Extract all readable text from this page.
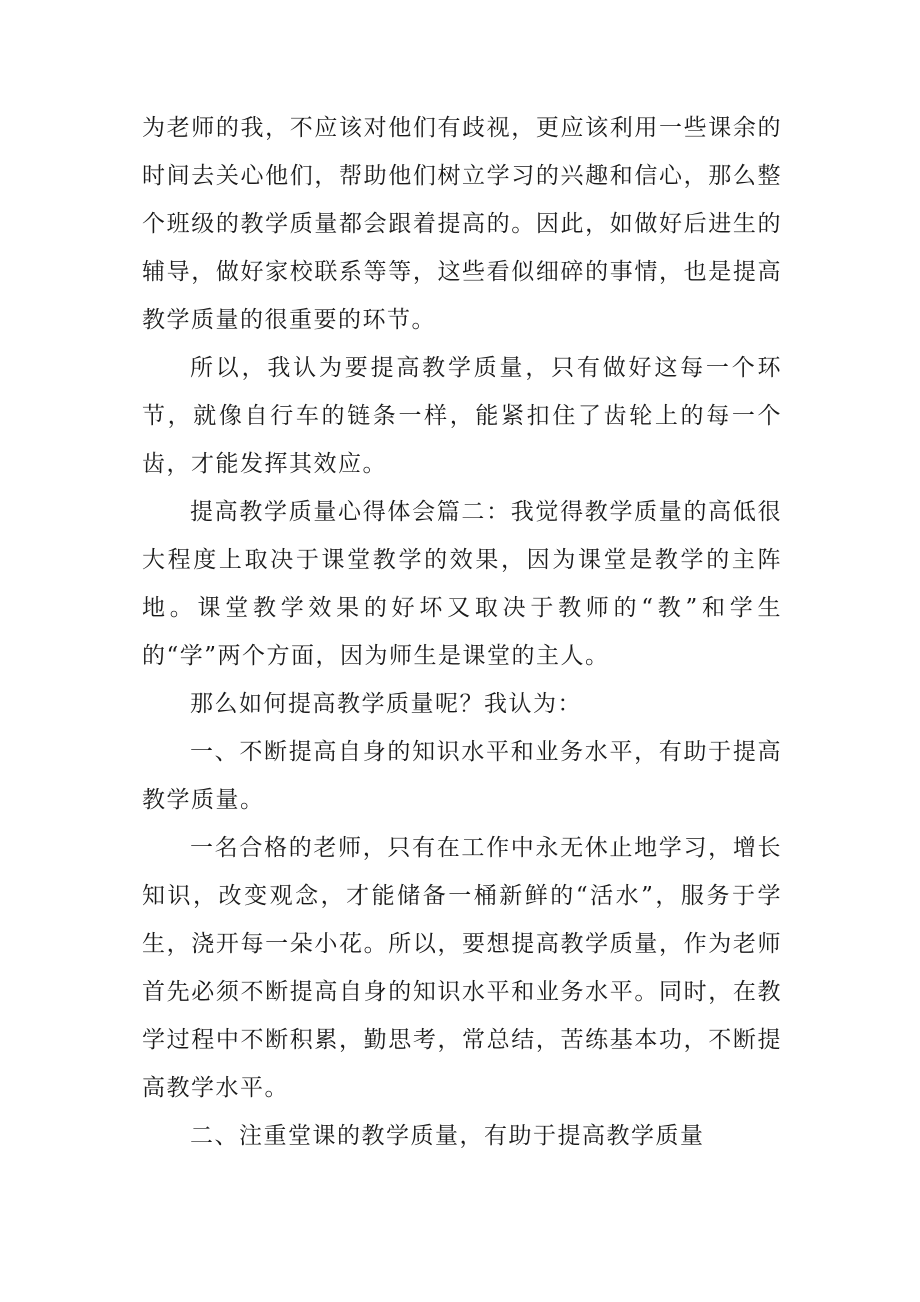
为老师的我，不应该对他们有歧视，更应该利用一些课余的时间去关心他们，帮助他们树立学习的兴趣和信心，那么整个班级的教学质量都会跟着提高的。因此，如做好后进生的辅导，做好家校联系等等，这些看似细碎的事情，也是提高教学质量的很重要的环节。

所以，我认为要提高教学质量，只有做好这每一个环节，就像自行车的链条一样，能紧扣住了齿轮上的每一个齿，才能发挥其效应。

提高教学质量心得体会篇二：我觉得教学质量的高低很大程度上取决于课堂教学的效果，因为课堂是教学的主阵地。课堂教学效果的好坏又取决于教师的“教”和学生的“学”两个方面，因为师生是课堂的主人。

那么如何提高教学质量呢？我认为：

一、不断提高自身的知识水平和业务水平，有助于提高教学质量。

一名合格的老师，只有在工作中永无休止地学习，增长知识，改变观念，才能储备一桶新鲜的“活水”，服务于学生，浇开每一朵小花。所以，要想提高教学质量，作为老师首先必须不断提高自身的知识水平和业务水平。同时，在教学过程中不断积累，勤思考，常总结，苦练基本功，不断提高教学水平。

二、注重堂课的教学质量，有助于提高教学质量
